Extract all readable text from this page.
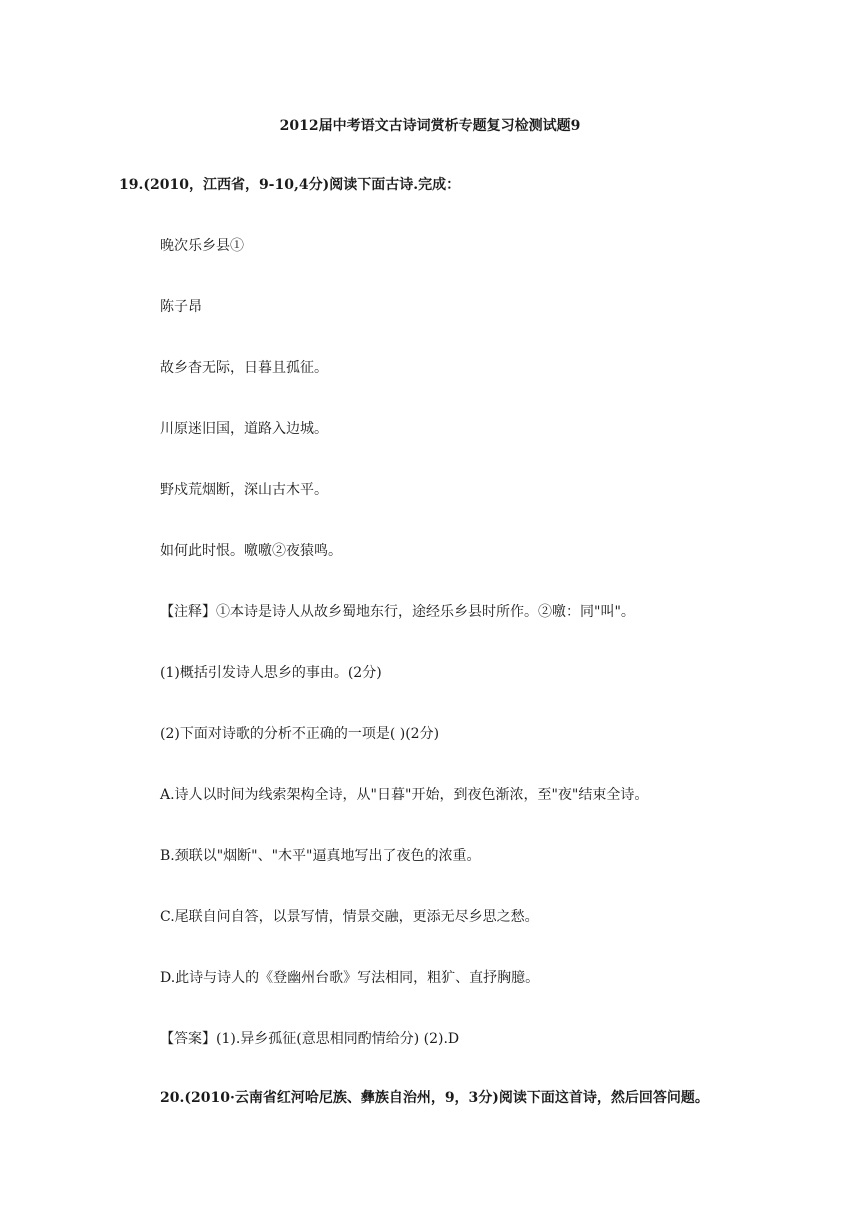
2012届中考语文古诗词赏析专题复习检测试题9
19.(2010，江西省，9-10,4分)阅读下面古诗.完成：
晚次乐乡县①
陈子昂
故乡杳无际，日暮且孤征。
川原迷旧国，道路入边城。
野戍荒烟断，深山古木平。
如何此时恨。噭噭②夜猿鸣。
【注释】①本诗是诗人从故乡蜀地东行，途经乐乡县时所作。②噭：同"叫"。
(1)概括引发诗人思乡的事由。(2分)
(2)下面对诗歌的分析不正确的一项是( )(2分)
A.诗人以时间为线索架构全诗，从"日暮"开始，到夜色渐浓，至"夜"结束全诗。
B.颈联以"烟断"、"木平"逼真地写出了夜色的浓重。
C.尾联自问自答，以景写情，情景交融，更添无尽乡思之愁。
D.此诗与诗人的《登幽州台歌》写法相同，粗犷、直抒胸臆。
【答案】(1).异乡孤征(意思相同酌情给分) (2).D
20.(2010·云南省红河哈尼族、彝族自治州，9，3分)阅读下面这首诗，然后回答问题。
